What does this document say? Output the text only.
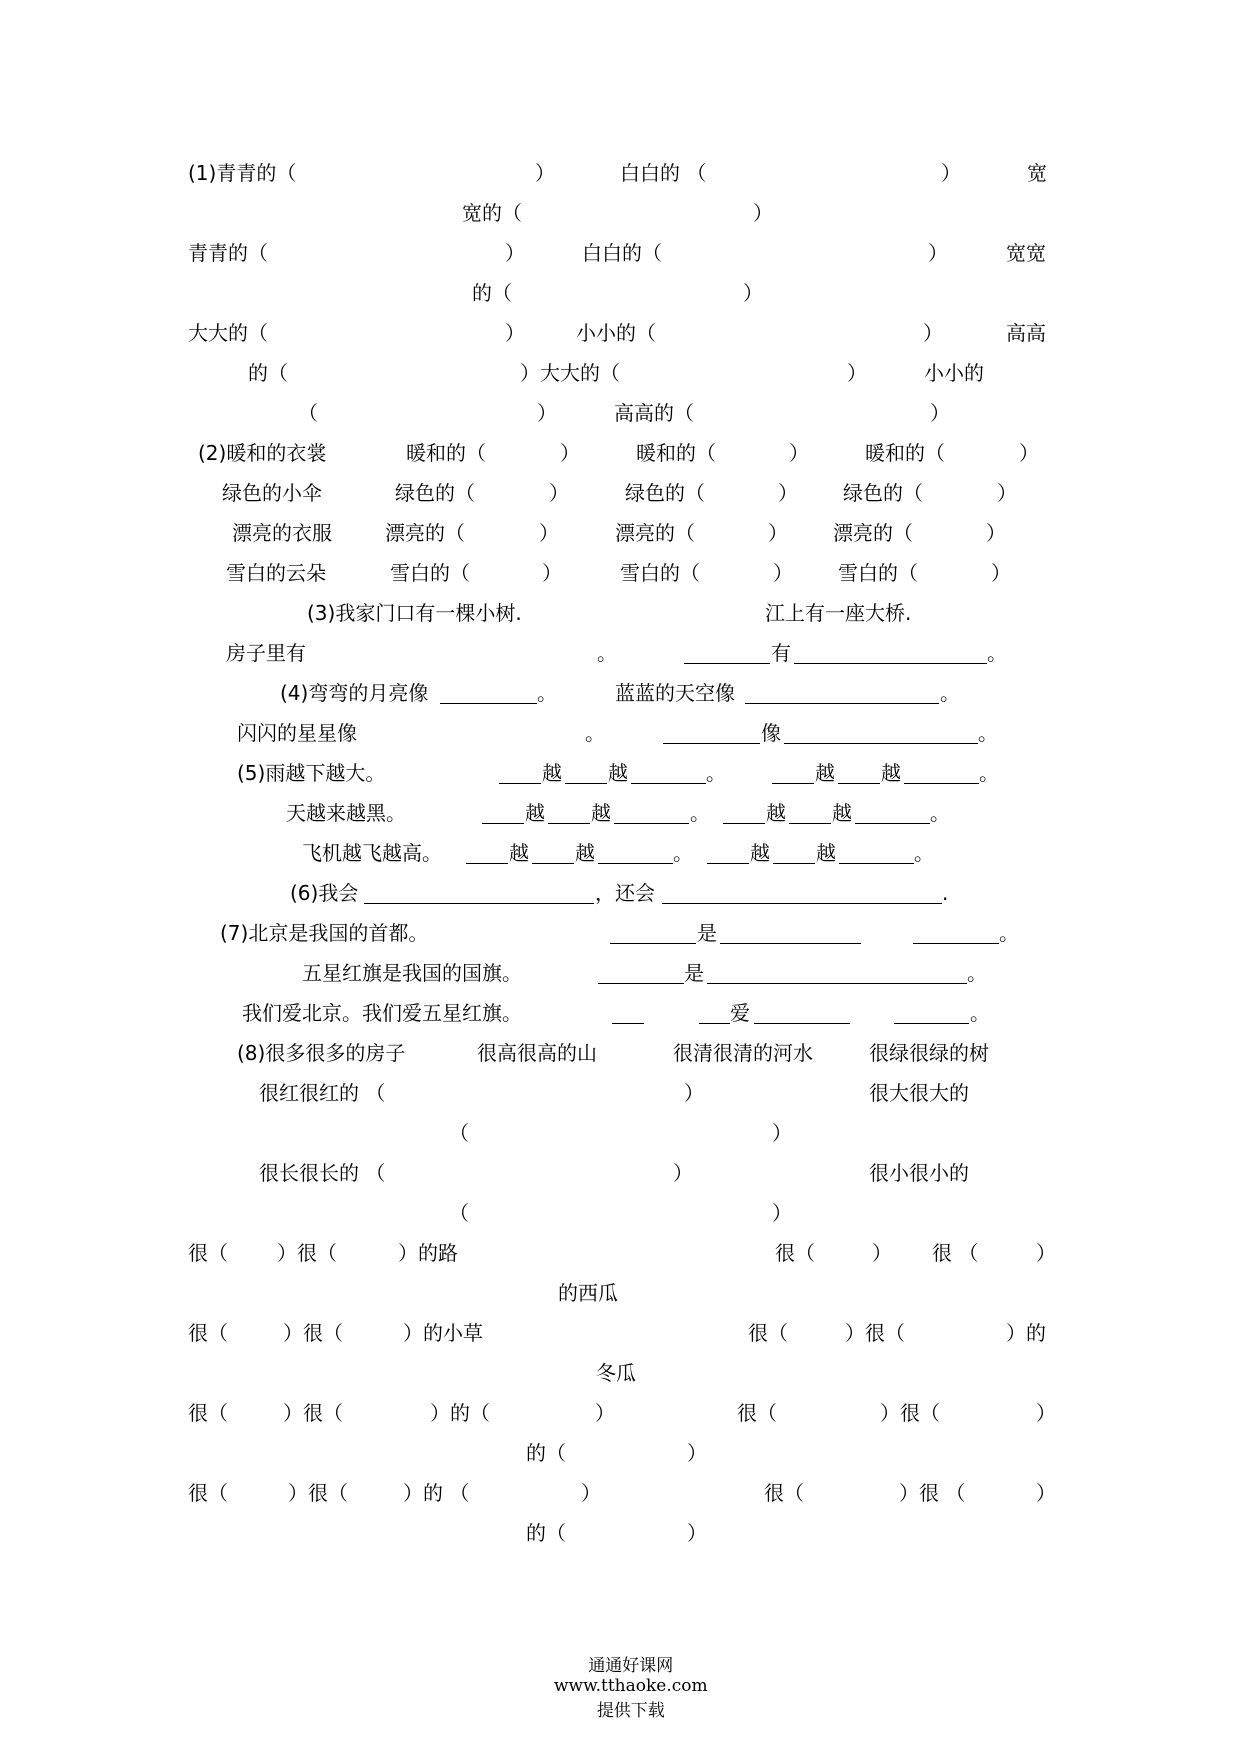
(1)青青的（	）	白白的 （	）	宽
宽的（	）
青青的（	）	白白的（	）	宽宽
的（	）
大大的（	）	小小的（	）	高高
的（	）大大的（	）	小小的
（	）	高高的（	）
(2)暖和的衣裳	暖和的（	）	暖和的（	）	暖和的（	）
绿色的小伞	绿色的（	）	绿色的（	） 绿色的（	）
漂亮的衣服	漂亮的（	）	漂亮的（	） 漂亮的（	）
雪白的云朵	雪白的（	）	雪白的（	） 雪白的（	）
(3)我家门口有一棵小树.	江上有一座大桥.
房子里有	。	有	。
(4)弯弯的月亮像	。	蓝蓝的天空像	。
闪闪的星星像	。	像	。
(5)雨越下越大。	越 越	。	越 越	。
天越来越黑。	越 越	。	越 越	。
飞机越飞越高。	越 越	。	越 越	。
(6)我会	，还会	.
(7)北京是我国的首都。	是	。
五星红旗是我国的国旗。	是	。
我们爱北京。我们爱五星红旗。	爱	。
(8)很多很多的房子	很高很高的山	很清很清的河水	很绿很绿的树
很红很红的 （	）	很大很大的
（	）
很长很长的 （	）	很小很小的
（	）
很（ ）很（	）的路	很（	） 很 （	）
的西瓜
很（	）很（	）的小草	很（	）很（	）的
冬瓜
很（	）很（	）的（	）	很（	）很（	）
的（	）
很（	）很（	）的 （	）	很（	）很 （	）
的（	）

通通好课网
www.tthaoke.com
提供下载
